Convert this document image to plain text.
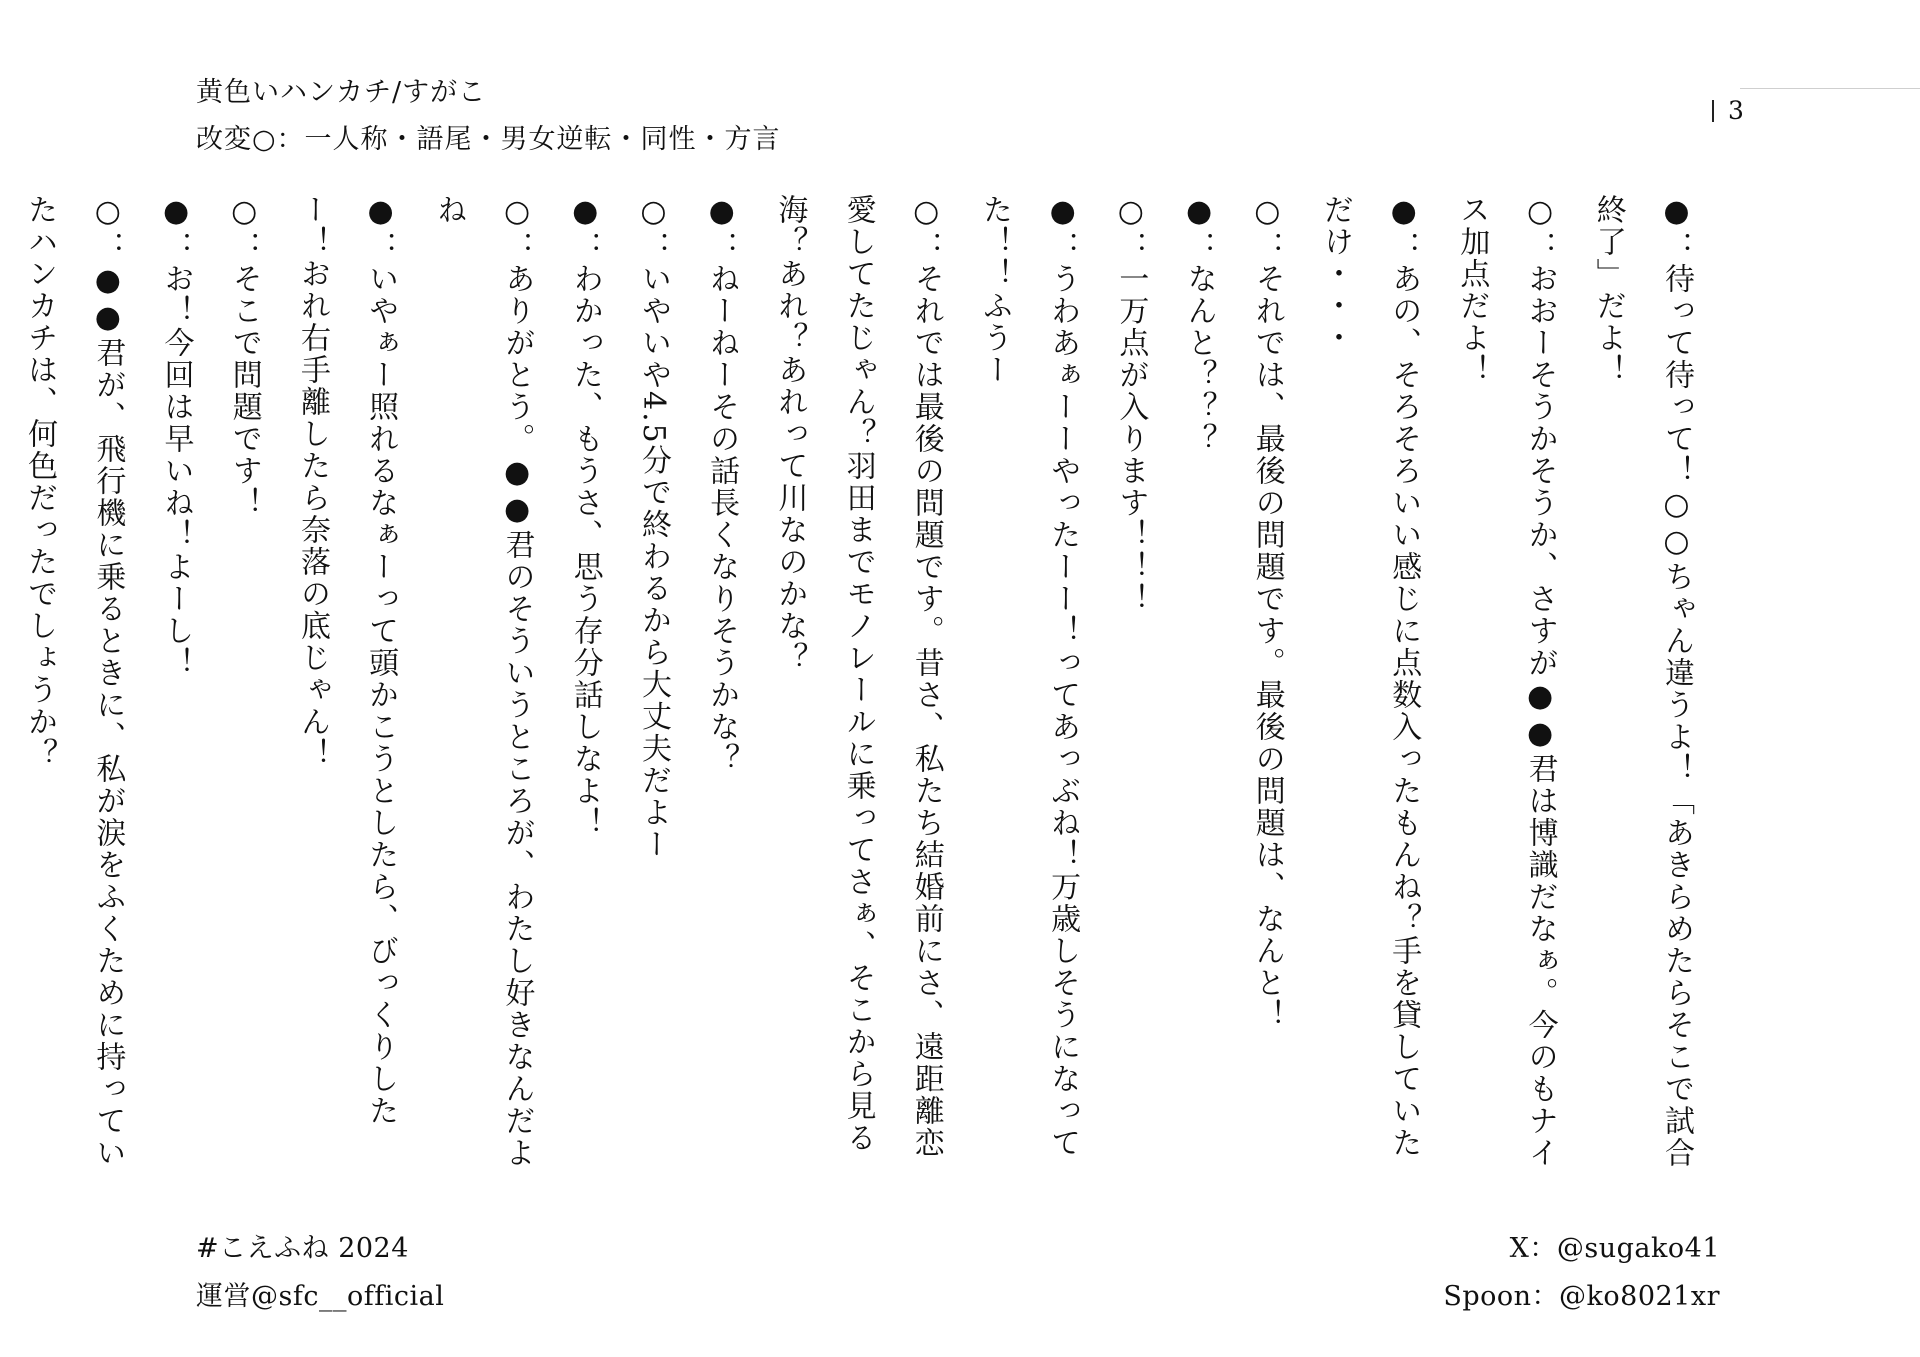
黄色いハンカチ/すがこ
改変○：一人称・語尾・男女逆転・同性・方言
3

●：待って待って！○○ちゃん違うよ！「あきらめたらそこで試合終了」だよ！

○：おおーそうかそうか、さすが●●君は博識だなぁ。今のもナイス加点だよ！

●：あの、そろそろいい感じに点数入ったもんね？手を貸していただけ・・・

○：それでは、最後の問題です。最後の問題は、なんと！

●：なんと？？？

○：一万点が入ります！！！

●：うわあぁーーやったーー！ってあっぶね！万歳しそうになってた！！ふうー

○：それでは最後の問題です。昔さ、私たち結婚前にさ、遠距離恋愛してたじゃん？羽田までモノレールに乗ってさぁ、そこから見る海？あれ？あれって川なのかな？

●：ねーねーその話長くなりそうかな？

○：いやいや4.5分で終わるから大丈夫だよー

●：わかった、もうさ、思う存分話しなよ！

○：ありがとう。●●君のそういうところが、わたし好きなんだよね

●：いやぁー照れるなぁーって頭かこうとしたら、びっくりしたー！おれ右手離したら奈落の底じゃん！

○：そこで問題です！

●：お！今回は早いね！よーし！

○：●●君が、飛行機に乗るときに、私が涙をふくために持っていたハンカチは、何色だったでしょうか？

#こえふね 2024
運営@sfc__official
X：@sugako41
Spoon：@ko8021xr
